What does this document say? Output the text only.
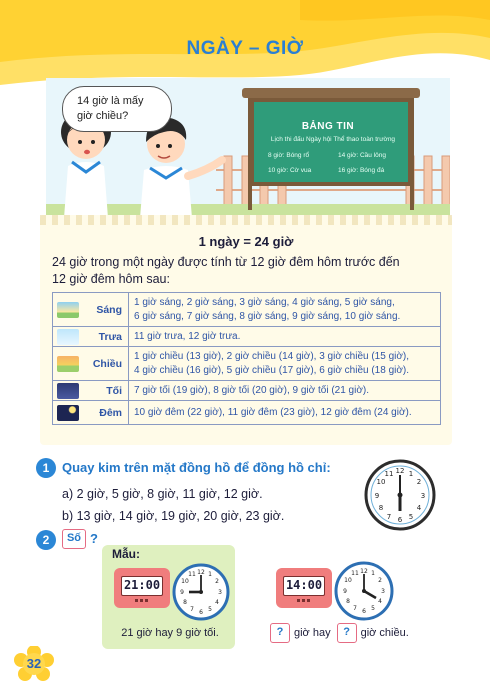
NGÀY – GIỜ
14 giờ là mấy
giờ chiều?
BẢNG TIN
Lịch thi đấu Ngày hội Thể thao toàn trường
8 giờ: Bóng rổ	14 giờ: Cầu lông
10 giờ: Cờ vua	16 giờ: Bóng đá
1 ngày = 24 giờ
24 giờ trong một ngày được tính từ 12 giờ đêm hôm trước đến
12 giờ đêm hôm sau:
Sáng	1 giờ sáng, 2 giờ sáng, 3 giờ sáng, 4 giờ sáng, 5 giờ sáng,
6 giờ sáng, 7 giờ sáng, 8 giờ sáng, 9 giờ sáng, 10 giờ sáng.

Trưa	11 giờ trưa, 12 giờ trưa.

Chiều	1 giờ chiều (13 giờ), 2 giờ chiều (14 giờ), 3 giờ chiều (15 giờ),
4 giờ chiều (16 giờ), 5 giờ chiều (17 giờ), 6 giờ chiều (18 giờ).

Tối	7 giờ tối (19 giờ), 8 giờ tối (20 giờ), 9 giờ tối (21 giờ).

Đêm	10 giờ đêm (22 giờ), 11 giờ đêm (23 giờ), 12 giờ đêm (24 giờ).
1 Quay kim trên mặt đồng hồ để đồng hồ chỉ:
a) 2 giờ, 5 giờ, 8 giờ, 11 giờ, 12 giờ.
b) 13 giờ, 14 giờ, 19 giờ, 20 giờ, 23 giờ.
12 1
2
3
4
5
6
7
8
9
10
11
2	Số ?
Mẫu:
21:00
12 1
2
3
4
5
6
7
8
9
10
11
21 giờ hay 9 giờ tối.
14:00
12 1
2
3
4
5
6
7
8
9
10
11
? giờ hay	? giờ chiều.
32
